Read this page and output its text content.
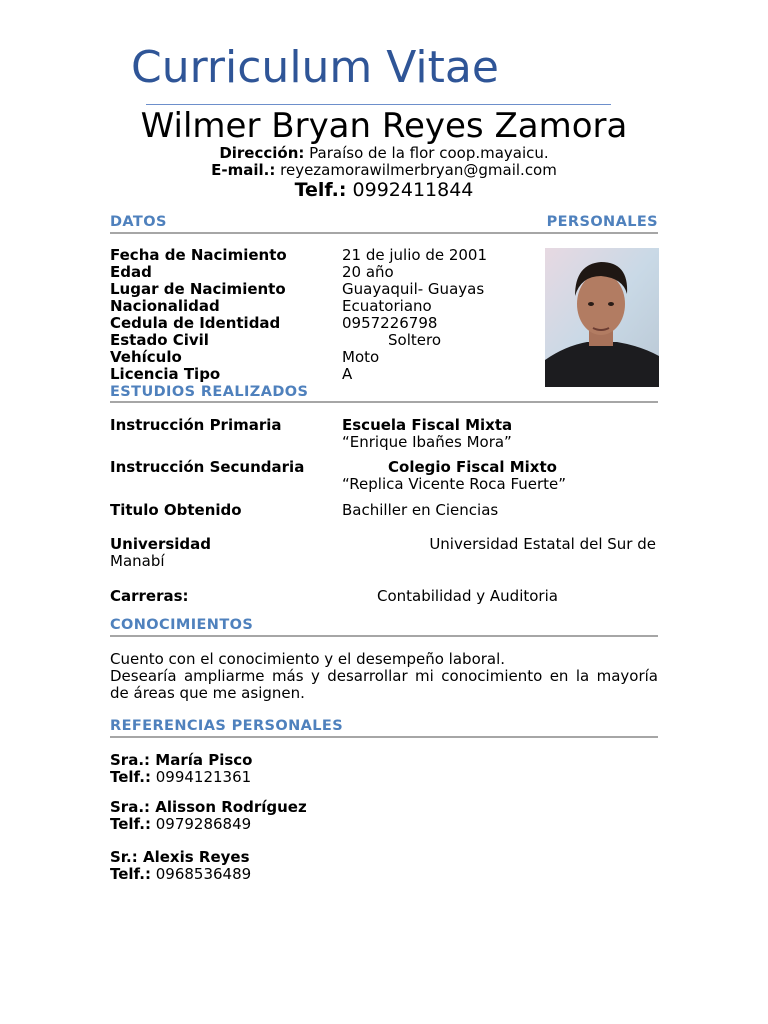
Curriculum Vitae
Wilmer Bryan Reyes Zamora
Dirección: Paraíso de la flor coop.mayaicu.
E-mail.: reyezamorawilmerbryan@gmail.com
Telf.: 0992411844
DATOS	PERSONALES
Fecha de Nacimiento	21 de julio de 2001
Edad	20 año
Lugar de Nacimiento	Guayaquil- Guayas
Nacionalidad	Ecuatoriano
Cedula de Identidad	0957226798
Estado Civil	Soltero
Vehículo	Moto
Licencia Tipo	A
ESTUDIOS REALIZADOS
Instrucción Primaria	Escuela Fiscal Mixta
“Enrique Ibañes Mora”
Instrucción Secundaria	Colegio Fiscal Mixto
“Replica Vicente Roca Fuerte”
Titulo Obtenido	Bachiller en Ciencias
Universidad	Universidad Estatal del Sur de
Manabí
Carreras:	Contabilidad y Auditoria
CONOCIMIENTOS
Cuento con el conocimiento y el desempeño laboral.
Desearía ampliarme más y desarrollar mi conocimiento en la mayoría
de áreas que me asignen.
REFERENCIAS PERSONALES
Sra.: María Pisco
Telf.: 0994121361
Sra.: Alisson Rodríguez
Telf.: 0979286849
Sr.: Alexis Reyes
Telf.: 0968536489
